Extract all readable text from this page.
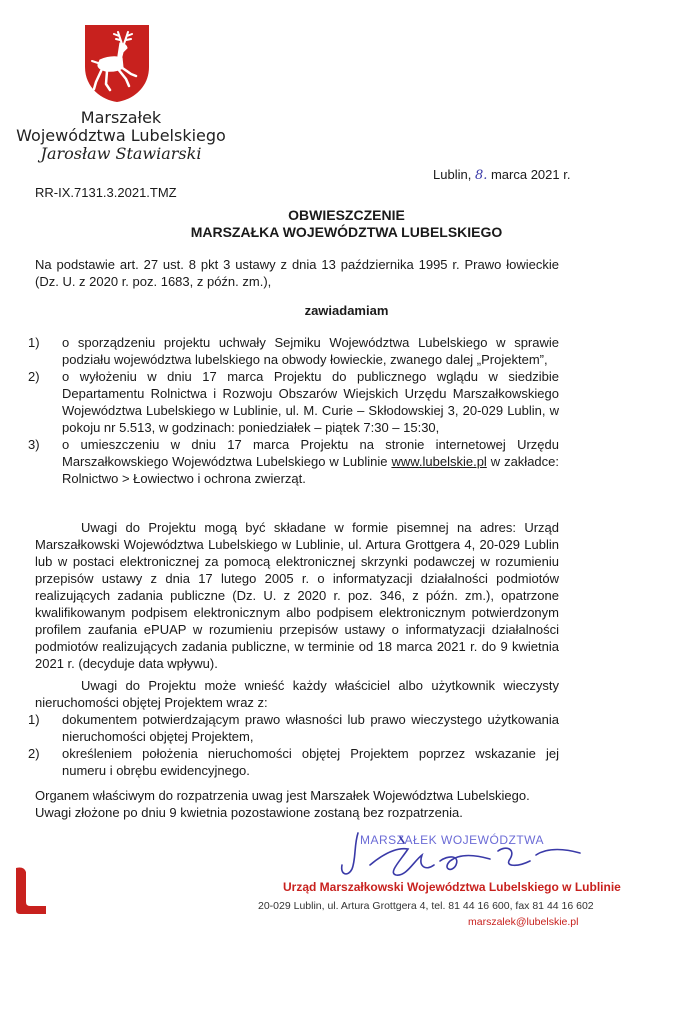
Marszałek
Województwa Lubelskiego
Jarosław Stawiarski
Lublin, 8. marca 2021 r.
RR-IX.7131.3.2021.TMZ
OBWIESZCZENIE
MARSZAŁKA WOJEWÓDZTWA LUBELSKIEGO
Na podstawie art. 27 ust. 8 pkt 3 ustawy z dnia 13 października 1995 r. Prawo łowieckie (Dz. U. z 2020 r. poz. 1683, z późn. zm.),
zawiadamiam
1)	o sporządzeniu projektu uchwały Sejmiku Województwa Lubelskiego w sprawie podziału województwa lubelskiego na obwody łowieckie, zwanego dalej „Projektem”,
2)	o wyłożeniu w dniu 17 marca Projektu do publicznego wglądu w siedzibie Departamentu Rolnictwa i Rozwoju Obszarów Wiejskich Urzędu Marszałkowskiego Województwa Lubelskiego w Lublinie, ul. M. Curie – Skłodowskiej 3, 20-029 Lublin, w pokoju nr 5.513, w godzinach: poniedziałek – piątek 7:30 – 15:30,
3)	o umieszczeniu w dniu 17 marca Projektu na stronie internetowej Urzędu Marszałkowskiego Województwa Lubelskiego w Lublinie www.lubelskie.pl w zakładce: Rolnictwo > Łowiectwo i ochrona zwierząt.
Uwagi do Projektu mogą być składane w formie pisemnej na adres: Urząd Marszałkowski Województwa Lubelskiego w Lublinie, ul. Artura Grottgera 4, 20-029 Lublin lub w postaci elektronicznej za pomocą elektronicznej skrzynki podawczej w rozumieniu przepisów ustawy z dnia 17 lutego 2005 r. o informatyzacji działalności podmiotów realizujących zadania publiczne (Dz. U. z 2020 r. poz. 346, z późn. zm.), opatrzone kwalifikowanym podpisem elektronicznym albo podpisem elektronicznym potwierdzonym profilem zaufania ePUAP w rozumieniu przepisów ustawy o informatyzacji działalności podmiotów realizujących zadania publiczne, w terminie od 18 marca 2021 r. do 9 kwietnia 2021 r. (decyduje data wpływu).
Uwagi do Projektu może wnieść każdy właściciel albo użytkownik wieczysty nieruchomości objętej Projektem wraz z:
1)	dokumentem potwierdzającym prawo własności lub prawo wieczystego użytkowania nieruchomości objętej Projektem,
2)	określeniem położenia nieruchomości objętej Projektem poprzez wskazanie jej numeru i obrębu ewidencyjnego.
Organem właściwym do rozpatrzenia uwag jest Marszałek Województwa Lubelskiego.
Uwagi złożone po dniu 9 kwietnia pozostawione zostaną bez rozpatrzenia.
MARSZAŁEK WOJEWÓDZTWA
Urząd Marszałkowski Województwa Lubelskiego w Lublinie
20-029 Lublin, ul. Artura Grottgera 4, tel. 81 44 16 600, fax 81 44 16 602
marszalek@lubelskie.pl
